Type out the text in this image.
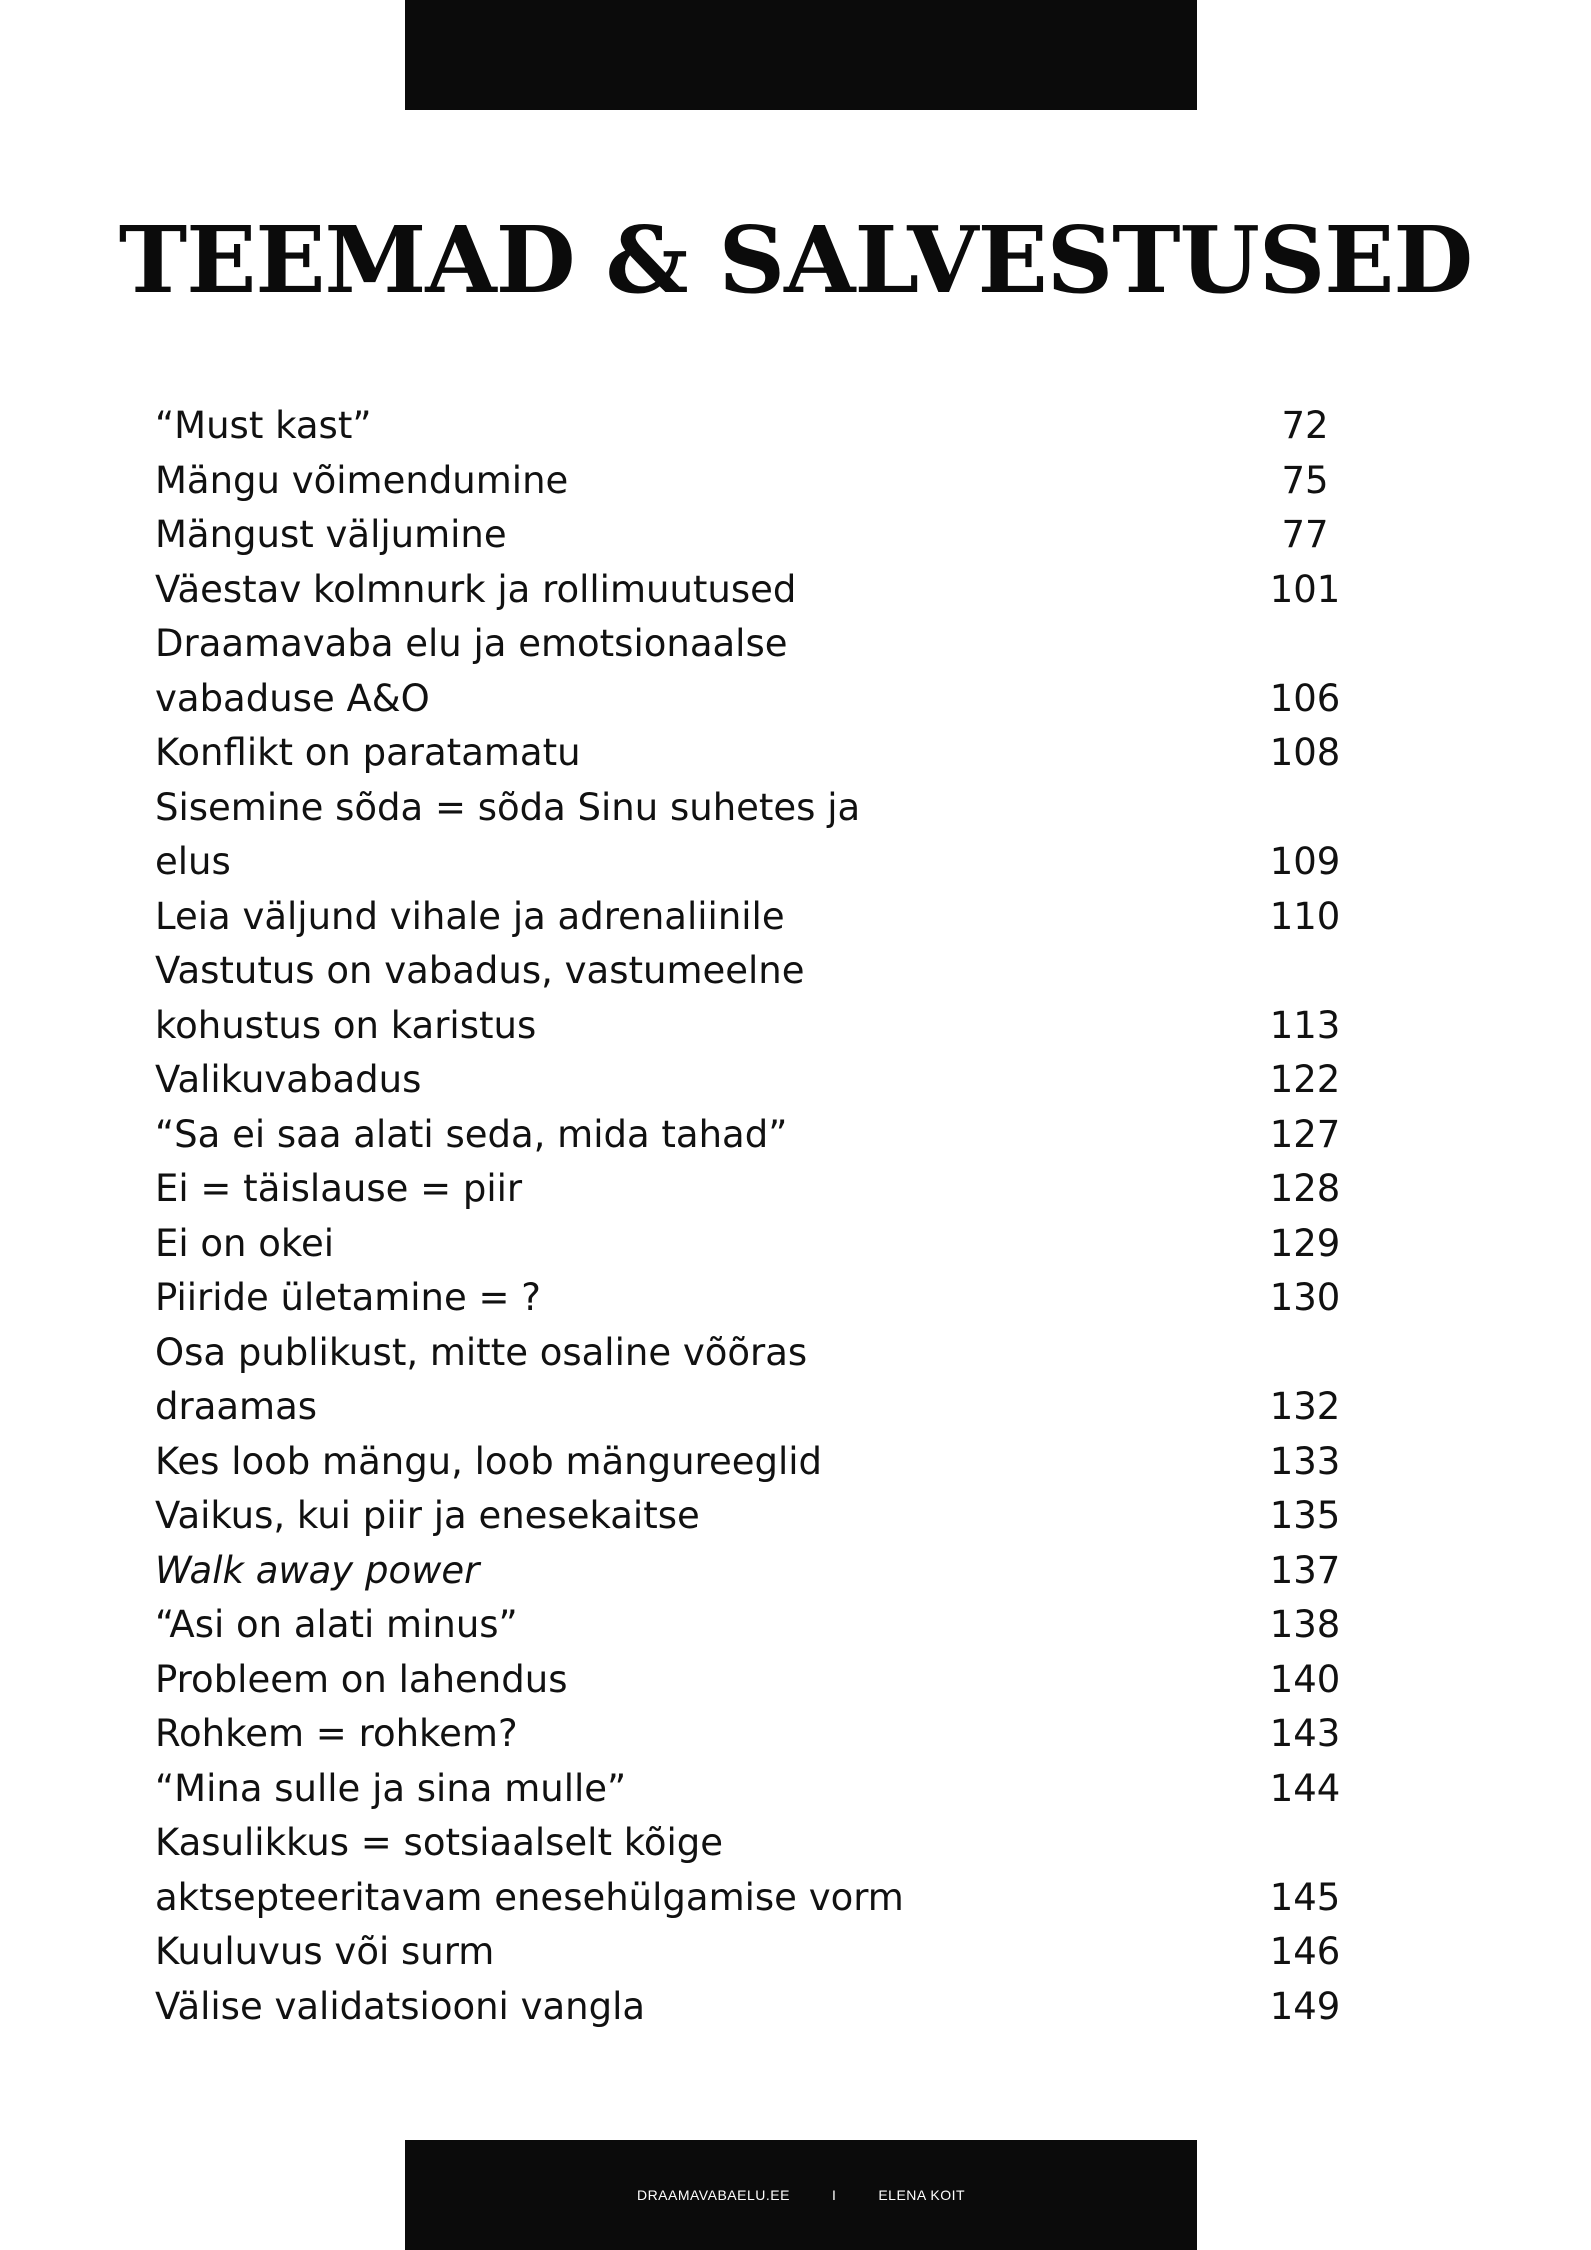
TEEMAD & SALVESTUSED
“Must kast”	72
Mängu võimendumine	75
Mängust väljumine	77
Väestav kolmnurk ja rollimuutused	101
Draamavaba elu ja emotsionaalse
vabaduse A&O	106
Konflikt on paratamatu	108
Sisemine sõda = sõda Sinu suhetes ja
elus	109
Leia väljund vihale ja adrenaliinile	110
Vastutus on vabadus, vastumeelne
kohustus on karistus	113
Valikuvabadus	122
“Sa ei saa alati seda, mida tahad”	127
Ei = täislause = piir	128
Ei on okei	129
Piiride ületamine = ?	130
Osa publikust, mitte osaline võõras
draamas	132
Kes loob mängu, loob mängureeglid	133
Vaikus, kui piir ja enesekaitse	135
Walk away power	137
“Asi on alati minus”	138
Probleem on lahendus	140
Rohkem = rohkem?	143
“Mina sulle ja sina mulle”	144
Kasulikkus = sotsiaalselt kõige
aktsepteeritavam enesehülgamise vorm	145
Kuuluvus või surm	146
Välise validatsiooni vangla	149
DRAAMAVABAELU.EE	I	ELENA KOIT
